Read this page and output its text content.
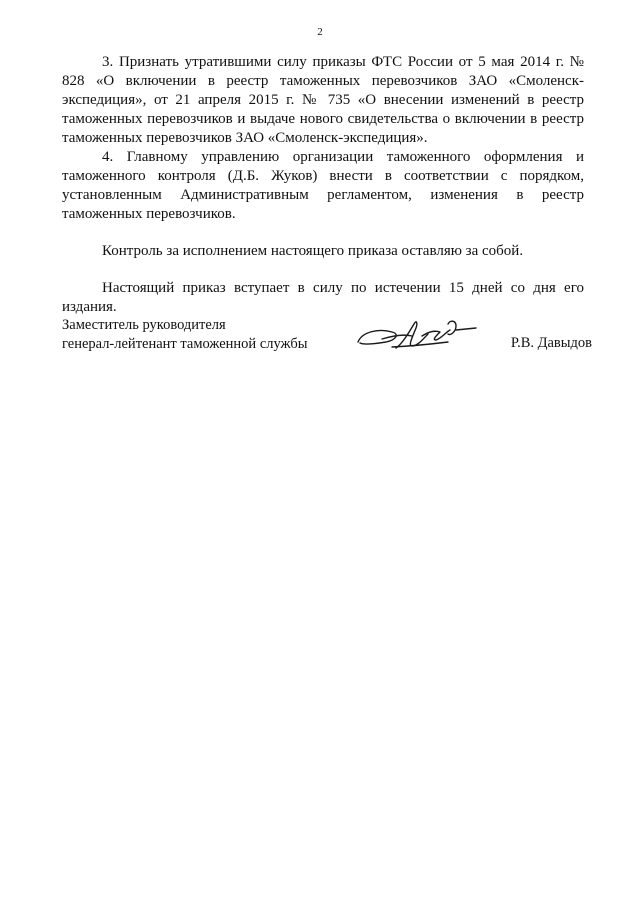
2

3. Признать утратившими силу приказы ФТС России от 5 мая 2014 г. № 828 «О включении в реестр таможенных перевозчиков ЗАО «Смоленск-экспедиция», от 21 апреля 2015 г. № 735 «О внесении изменений в реестр таможенных перевозчиков и выдаче нового свидетельства о включении в реестр таможенных перевозчиков ЗАО «Смоленск-экспедиция».

4. Главному управлению организации таможенного оформления и таможенного контроля (Д.Б. Жуков) внести в соответствии с порядком, установленным Административным регламентом, изменения в реестр таможенных перевозчиков.

Контроль за исполнением настоящего приказа оставляю за собой.

Настоящий приказ вступает в силу по истечении 15 дней со дня его издания.

Заместитель руководителя
генерал-лейтенант таможенной службы	Р.В. Давыдов
